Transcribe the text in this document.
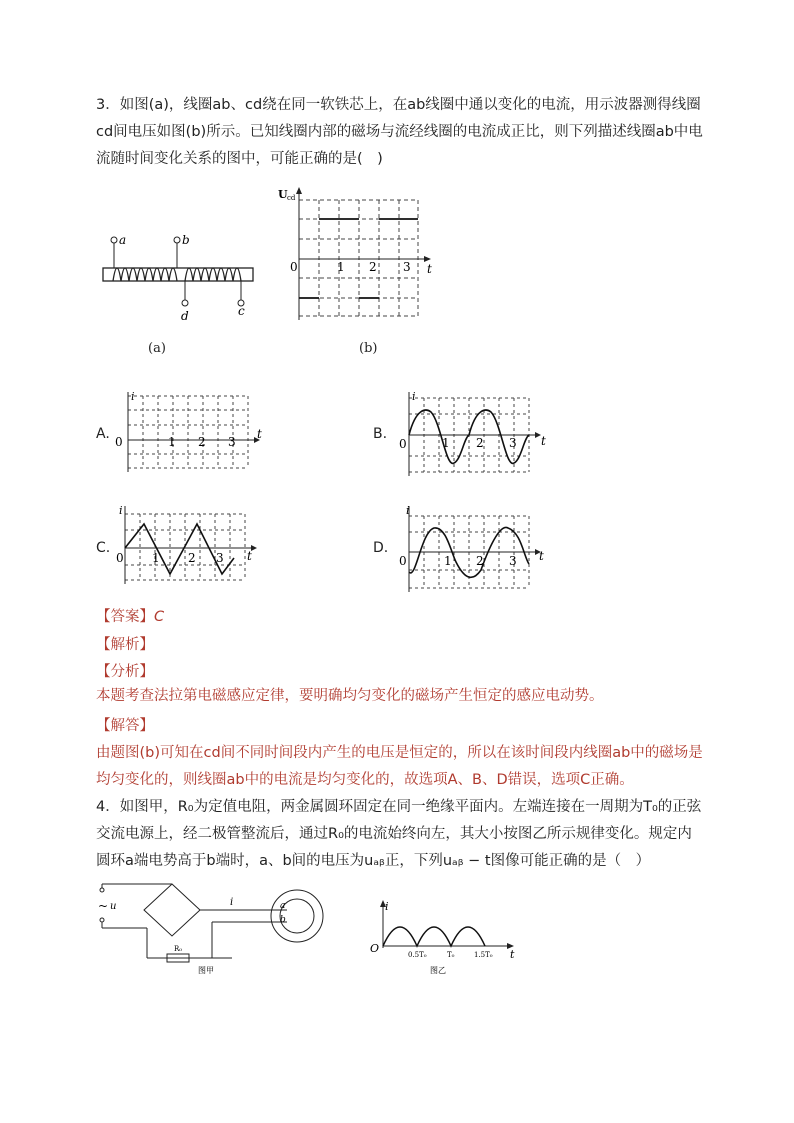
3．如图(a)，线圈ab、cd绕在同一软铁芯上，在ab线圈中通以变化的电流，用示波器测得线圈cd间电压如图(b)所示。已知线圈内部的磁场与流经线圈的电流成正比，则下列描述线圈ab中电流随时间变化关系的图中，可能正确的是(　)

a	b
d	c
(a)
U cd
0	1 2 3 t
(b)
A.
i
0	1 2 3
t	B.
i
0	1 2 3 t
C.
i
0 1 2 3 t	D.
i
0	1 2 3 t
【答案】C
【解析】
【分析】

本题考查法拉第电磁感应定律，要明确均匀变化的磁场产生恒定的感应电动势。

【解答】

由题图(b)可知在cd间不同时间段内产生的电压是恒定的，所以在该时间段内线圈ab中的磁场是均匀变化的，则线圈ab中的电流是均匀变化的，故选项A、B、D错误，选项C正确。

4．如图甲，R₀为定值电阻，两金属圆环固定在同一绝缘平面内。左端连接在一周期为T₀的正弦交流电源上，经二极管整流后，通过R₀的电流始终向左，其大小按图乙所示规律变化。规定内圆环a端电势高于b端时，a、b间的电压为uₐᵦ正，下列uₐᵦ − t图像可能正确的是（　）

~ u	i
R₀
a
b
图甲
i
O	0.5T₀	T₀	1.5T₀ t
图乙
